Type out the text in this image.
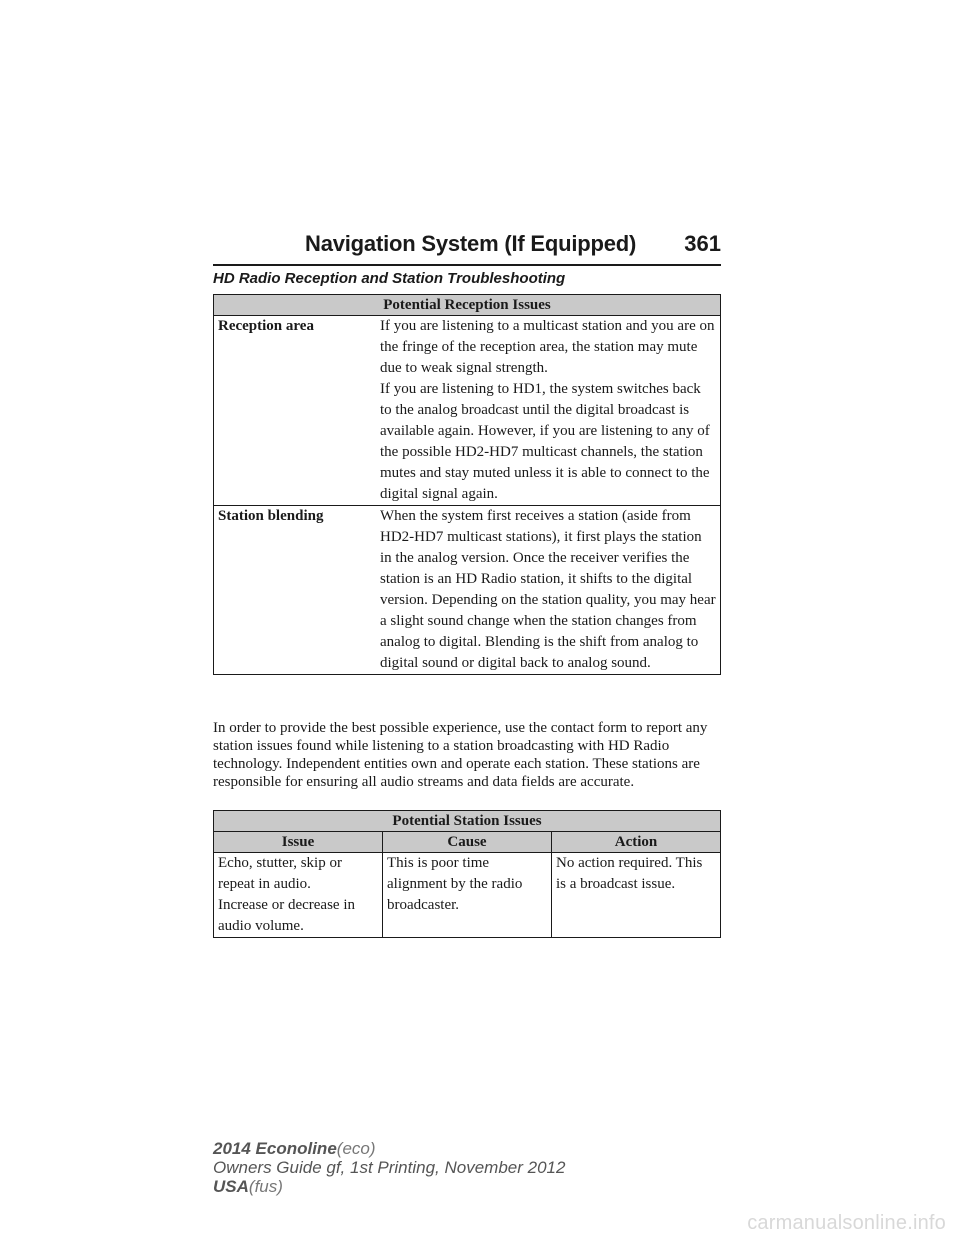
Navigation System (If Equipped) 361
HD Radio Reception and Station Troubleshooting
Potential Reception Issues	
Reception area	If you are listening to a multicast station and you are on the fringe of the reception area, the station may mute due to weak signal strength.
If you are listening to HD1, the system switches back to the analog broadcast until the digital broadcast is available again. However, if you are listening to any of the possible HD2-HD7 multicast channels, the station mutes and stay muted unless it is able to connect to the digital signal again.

Station blending	When the system first receives a station (aside from HD2-HD7 multicast stations), it first plays the station in the analog version. Once the receiver verifies the station is an HD Radio station, it shifts to the digital version. Depending on the station quality, you may hear a slight sound change when the station changes from analog to digital. Blending is the shift from analog to digital sound or digital back to analog sound.
In order to provide the best possible experience, use the contact form to report any station issues found while listening to a station broadcasting with HD Radio technology. Independent entities own and operate each station. These stations are responsible for ensuring all audio streams and data fields are accurate.
Potential Station Issues		
Issue	Cause	Action

Echo, stutter, skip or repeat in audio.
Increase or decrease in audio volume.	This is poor time alignment by the radio broadcaster.	No action required. This is a broadcast issue.
2014 Econoline(eco)
Owners Guide gf, 1st Printing, November 2012
USA(fus)
carmanualsonline.info
